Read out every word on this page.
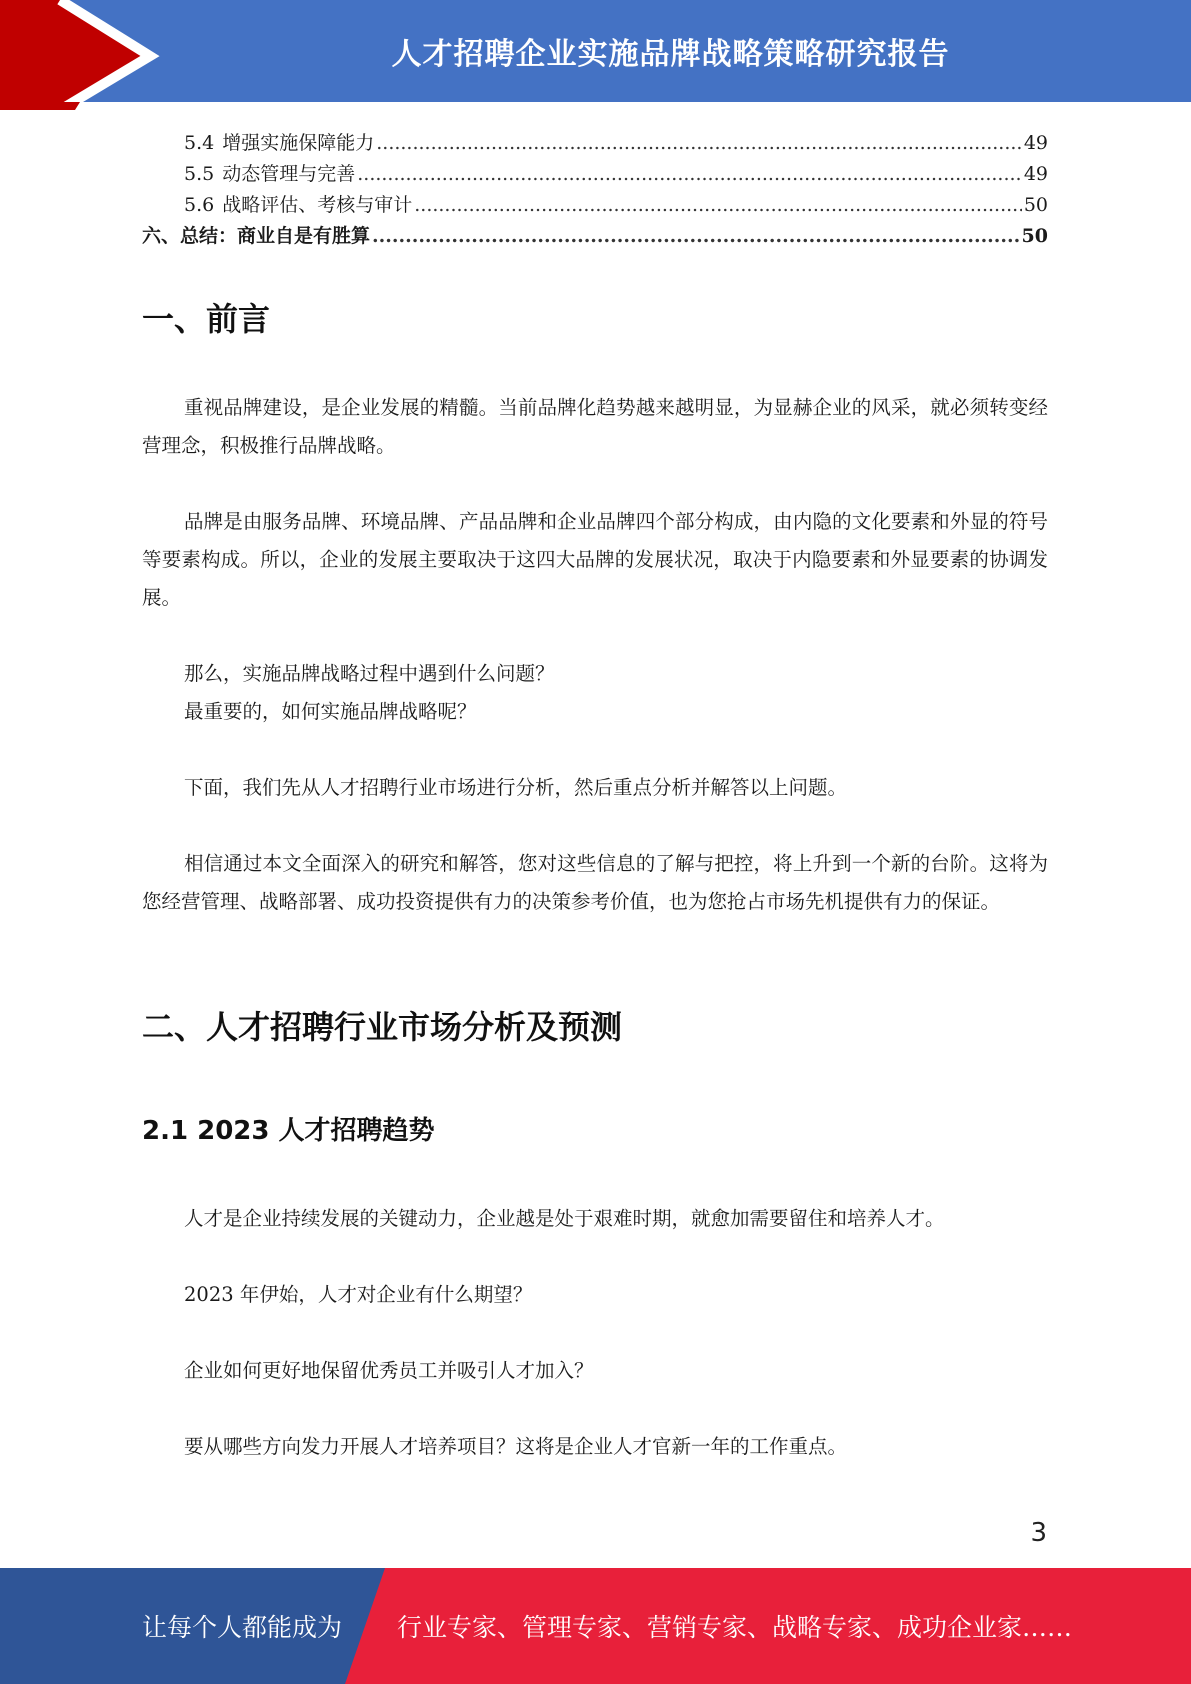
人才招聘企业实施品牌战略策略研究报告
5.4 增强实施保障能力 .....	49
5.5 动态管理与完善 .....	49
5.6 战略评估、考核与审计 .....	50
六、总结：商业自是有胜算 .....	50
一、前言

重视品牌建设，是企业发展的精髓。当前品牌化趋势越来越明显，为显赫企业的风采，就必须转变经营理念，积极推行品牌战略。

品牌是由服务品牌、环境品牌、产品品牌和企业品牌四个部分构成，由内隐的文化要素和外显的符号等要素构成。所以，企业的发展主要取决于这四大品牌的发展状况，取决于内隐要素和外显要素的协调发展。

那么，实施品牌战略过程中遇到什么问题？

最重要的，如何实施品牌战略呢？

下面，我们先从人才招聘行业市场进行分析，然后重点分析并解答以上问题。

相信通过本文全面深入的研究和解答，您对这些信息的了解与把控，将上升到一个新的台阶。这将为您经营管理、战略部署、成功投资提供有力的决策参考价值，也为您抢占市场先机提供有力的保证。

二、人才招聘行业市场分析及预测
2.1 2023 人才招聘趋势

人才是企业持续发展的关键动力，企业越是处于艰难时期，就愈加需要留住和培养人才。

2023 年伊始，人才对企业有什么期望？

企业如何更好地保留优秀员工并吸引人才加入？

要从哪些方向发力开展人才培养项目？这将是企业人才官新一年的工作重点。

3
让每个人都能成为 行业专家、管理专家、营销专家、战略专家、成功企业家……
